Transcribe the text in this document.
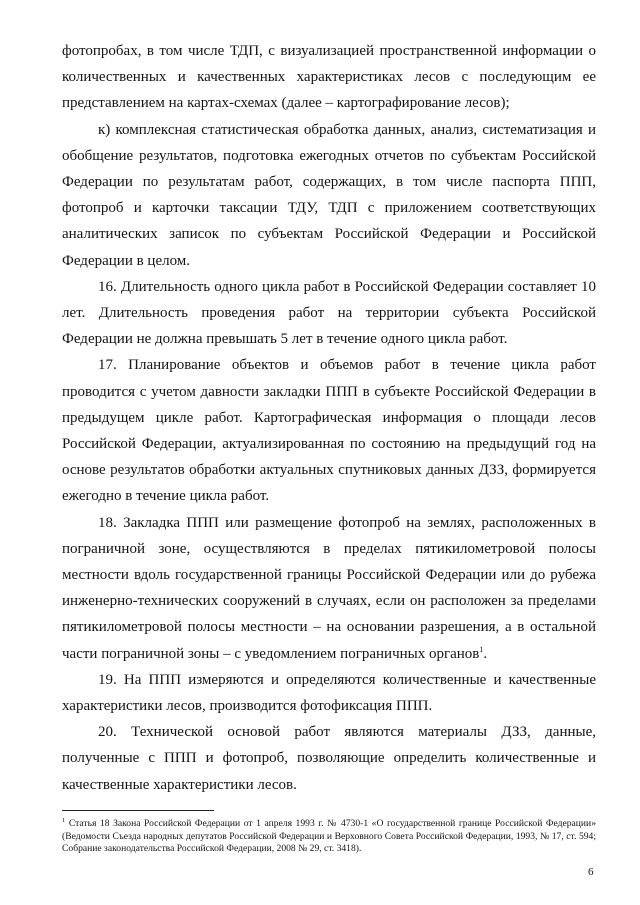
фотопробах, в том числе ТДП, с визуализацией пространственной информации о количественных и качественных характеристиках лесов с последующим ее представлением на картах-схемах (далее – картографирование лесов);

к) комплексная статистическая обработка данных, анализ, систематизация и обобщение результатов, подготовка ежегодных отчетов по субъектам Российской Федерации по результатам работ, содержащих, в том числе паспорта ППП, фотопроб и карточки таксации ТДУ, ТДП с приложением соответствующих аналитических записок по субъектам Российской Федерации и Российской Федерации в целом.

16. Длительность одного цикла работ в Российской Федерации составляет 10 лет. Длительность проведения работ на территории субъекта Российской Федерации не должна превышать 5 лет в течение одного цикла работ.

17. Планирование объектов и объемов работ в течение цикла работ проводится с учетом давности закладки ППП в субъекте Российской Федерации в предыдущем цикле работ. Картографическая информация о площади лесов Российской Федерации, актуализированная по состоянию на предыдущий год на основе результатов обработки актуальных спутниковых данных ДЗЗ, формируется ежегодно в течение цикла работ.

18. Закладка ППП или размещение фотопроб на землях, расположенных в пограничной зоне, осуществляются в пределах пятикилометровой полосы местности вдоль государственной границы Российской Федерации или до рубежа инженерно-технических сооружений в случаях, если он расположен за пределами пятикилометровой полосы местности – на основании разрешения, а в остальной части пограничной зоны – с уведомлением пограничных органов$^1$.

19. На ППП измеряются и определяются количественные и качественные характеристики лесов, производится фотофиксация ППП.

20. Технической основой работ являются материалы ДЗЗ, данные, полученные с ППП и фотопроб, позволяющие определить количественные и качественные характеристики лесов.

$^1$ Статья 18 Закона Российской Федерации от 1 апреля 1993 г. № 4730-1 «О государственной границе Российской Федерации» (Ведомости Съезда народных депутатов Российской Федерации и Верховного Совета Российской Федерации, 1993, № 17, ст. 594; Собрание законодательства Российской Федерации, 2008 № 29, ст. 3418).
6
